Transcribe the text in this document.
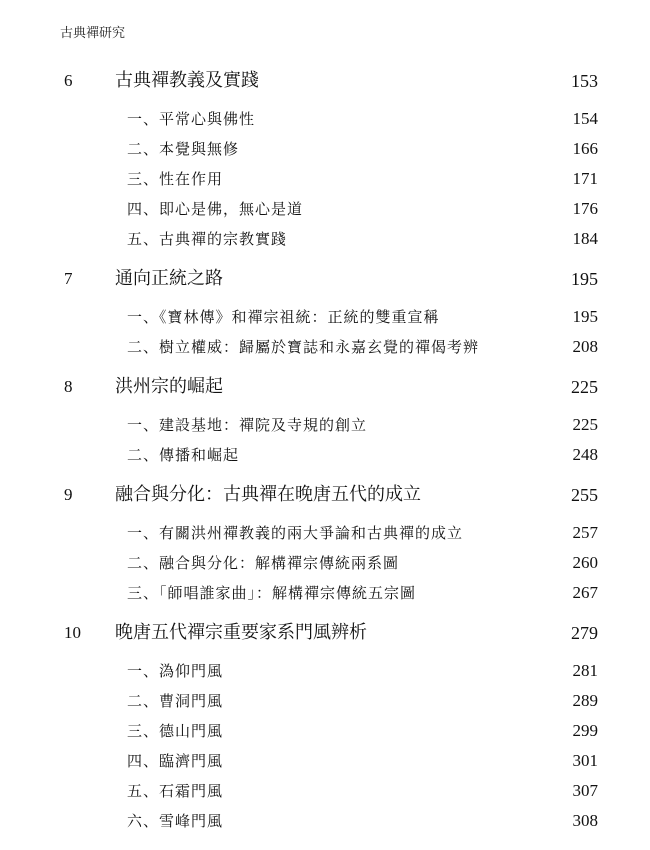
古典禪研究
6 古典禪教義及實踐	153
一、平常心與佛性	154
二、本覺與無修	166
三、性在作用	171
四、即心是佛，無心是道	176
五、古典禪的宗教實踐	184
7 通向正統之路	195
一、《寶林傳》和禪宗祖統：正統的雙重宣稱	195
二、樹立權威：歸屬於寶誌和永嘉玄覺的禪偈考辨	208
8 洪州宗的崛起	225
一、建設基地：禪院及寺規的創立	225
二、傳播和崛起	248
9 融合與分化：古典禪在晚唐五代的成立	255
一、有關洪州禪教義的兩大爭論和古典禪的成立	257
二、融合與分化：解構禪宗傳統兩系圖	260
三、「師唱誰家曲」：解構禪宗傳統五宗圖	267
10 晚唐五代禪宗重要家系門風辨析	279
一、溈仰門風	281
二、曹洞門風	289
三、德山門風	299
四、臨濟門風	301
五、石霜門風	307
六、雪峰門風	308
